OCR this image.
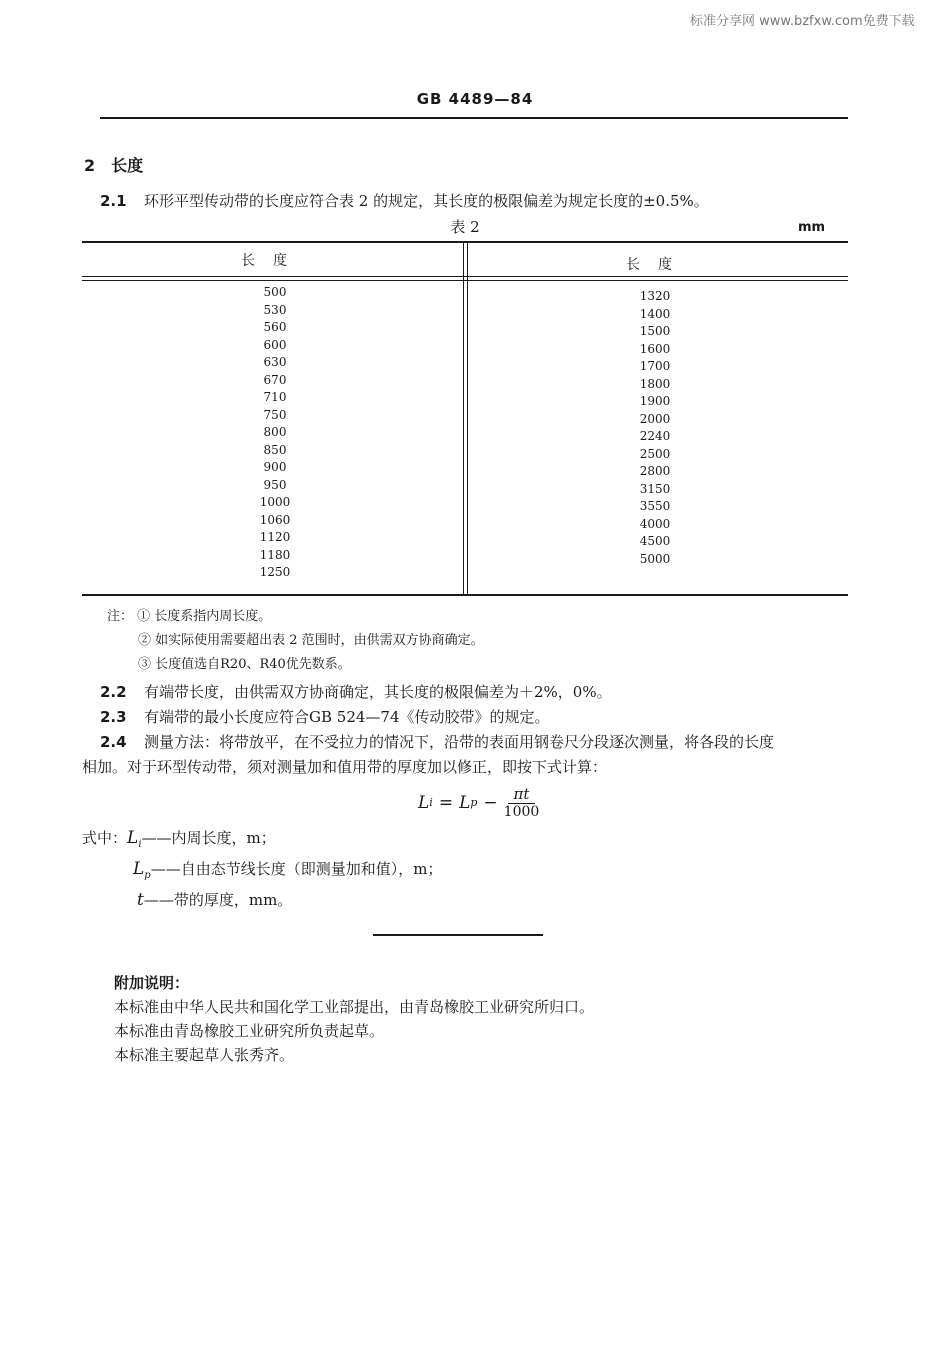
标准分享网 www.bzfxw.com免费下载
GB 4489—84
2 长度
2.1 环形平型传动带的长度应符合表 2 的规定，其长度的极限偏差为规定长度的±0.5%。
表 2	mm
长度	长度
500
530
560
600
630
670
710
750
800
850
900
950
1000
1060
1120
1180
1250
1320
1400
1500
1600
1700
1800
1900
2000
2240
2500
2800
3150
3550
4000
4500
5000
注： ① 长度系指内周长度。
② 如实际使用需要超出表 2 范围时，由供需双方协商确定。
③ 长度值选自R20、R40优先数系。
2.2 有端带长度，由供需双方协商确定，其长度的极限偏差为＋2%，0%。
2.3 有端带的最小长度应符合GB 524—74《传动胶带》的规定。
2.4 测量方法：将带放平，在不受拉力的情况下，沿带的表面用钢卷尺分段逐次测量，将各段的长度
相加。对于环型传动带，须对测量加和值用带的厚度加以修正，即按下式计算：
L i = L $p - \frac{\pi t}{1000}$
式中：$L_i——$内周长度，m；
$L_p——$自由态节线长度（即测量加和值），m；
t——带的厚度，mm。
附加说明：
本标准由中华人民共和国化学工业部提出，由青岛橡胶工业研究所归口。
本标准由青岛橡胶工业研究所负责起草。
本标准主要起草人张秀齐。
